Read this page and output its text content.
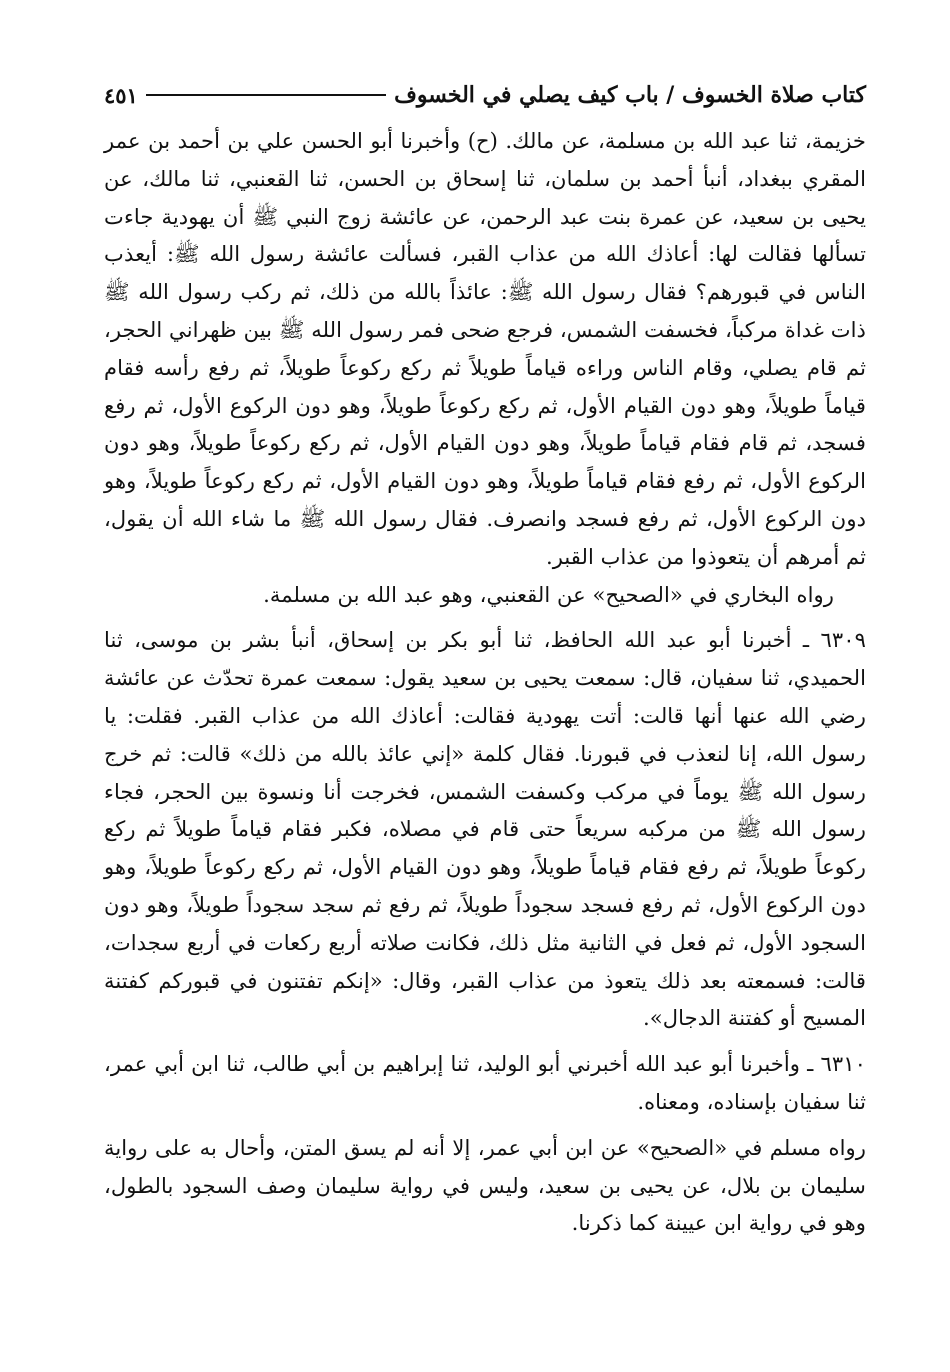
كتاب صلاة الخسوف / باب كيف يصلي في الخسوف
٤٥١

خزيمة، ثنا عبد الله بن مسلمة، عن مالك. (ح) وأخبرنا أبو الحسن علي بن أحمد بن عمر المقري ببغداد، أنبأ أحمد بن سلمان، ثنا إسحاق بن الحسن، ثنا القعنبي، ثنا مالك، عن يحيى بن سعيد، عن عمرة بنت عبد الرحمن، عن عائشة زوج النبي ﷺ أن يهودية جاءت تسألها فقالت لها: أعاذك الله من عذاب القبر، فسألت عائشة رسول الله ﷺ: أيعذب الناس في قبورهم؟ فقال رسول الله ﷺ: عائذاً بالله من ذلك، ثم ركب رسول الله ﷺ ذات غداة مركباً، فخسفت الشمس، فرجع ضحى فمر رسول الله ﷺ بين ظهراني الحجر، ثم قام يصلي، وقام الناس وراءه قياماً طويلاً ثم ركع ركوعاً طويلاً، ثم رفع رأسه فقام قياماً طويلاً، وهو دون القيام الأول، ثم ركع ركوعاً طويلاً، وهو دون الركوع الأول، ثم رفع فسجد، ثم قام فقام قياماً طويلاً، وهو دون القيام الأول، ثم ركع ركوعاً طويلاً، وهو دون الركوع الأول، ثم رفع فقام قياماً طويلاً، وهو دون القيام الأول، ثم ركع ركوعاً طويلاً، وهو دون الركوع الأول، ثم رفع فسجد وانصرف. فقال رسول الله ﷺ ما شاء الله أن يقول، ثم أمرهم أن يتعوذوا من عذاب القبر.

رواه البخاري في «الصحيح» عن القعنبي، وهو عبد الله بن مسلمة.

٦٣٠٩ ـ أخبرنا أبو عبد الله الحافظ، ثنا أبو بكر بن إسحاق، أنبأ بشر بن موسى، ثنا الحميدي، ثنا سفيان، قال: سمعت يحيى بن سعيد يقول: سمعت عمرة تحدّث عن عائشة رضي الله عنها أنها قالت: أتت يهودية فقالت: أعاذك الله من عذاب القبر. فقلت: يا رسول الله، إنا لنعذب في قبورنا. فقال كلمة «إني عائذ بالله من ذلك» قالت: ثم خرج رسول الله ﷺ يوماً في مركب وكسفت الشمس، فخرجت أنا ونسوة بين الحجر، فجاء رسول الله ﷺ من مركبه سريعاً حتى قام في مصلاه، فكبر فقام قياماً طويلاً ثم ركع ركوعاً طويلاً، ثم رفع فقام قياماً طويلاً، وهو دون القيام الأول، ثم ركع ركوعاً طويلاً، وهو دون الركوع الأول، ثم رفع فسجد سجوداً طويلاً، ثم رفع ثم سجد سجوداً طويلاً، وهو دون السجود الأول، ثم فعل في الثانية مثل ذلك، فكانت صلاته أربع ركعات في أربع سجدات، قالت: فسمعته بعد ذلك يتعوذ من عذاب القبر، وقال: «إنكم تفتنون في قبوركم كفتنة المسيح أو كفتنة الدجال».

٦٣١٠ ـ وأخبرنا أبو عبد الله أخبرني أبو الوليد، ثنا إبراهيم بن أبي طالب، ثنا ابن أبي عمر، ثنا سفيان بإسناده، ومعناه.

رواه مسلم في «الصحيح» عن ابن أبي عمر، إلا أنه لم يسق المتن، وأحال به على رواية سليمان بن بلال، عن يحيى بن سعيد، وليس في رواية سليمان وصف السجود بالطول، وهو في رواية ابن عيينة كما ذكرنا.
